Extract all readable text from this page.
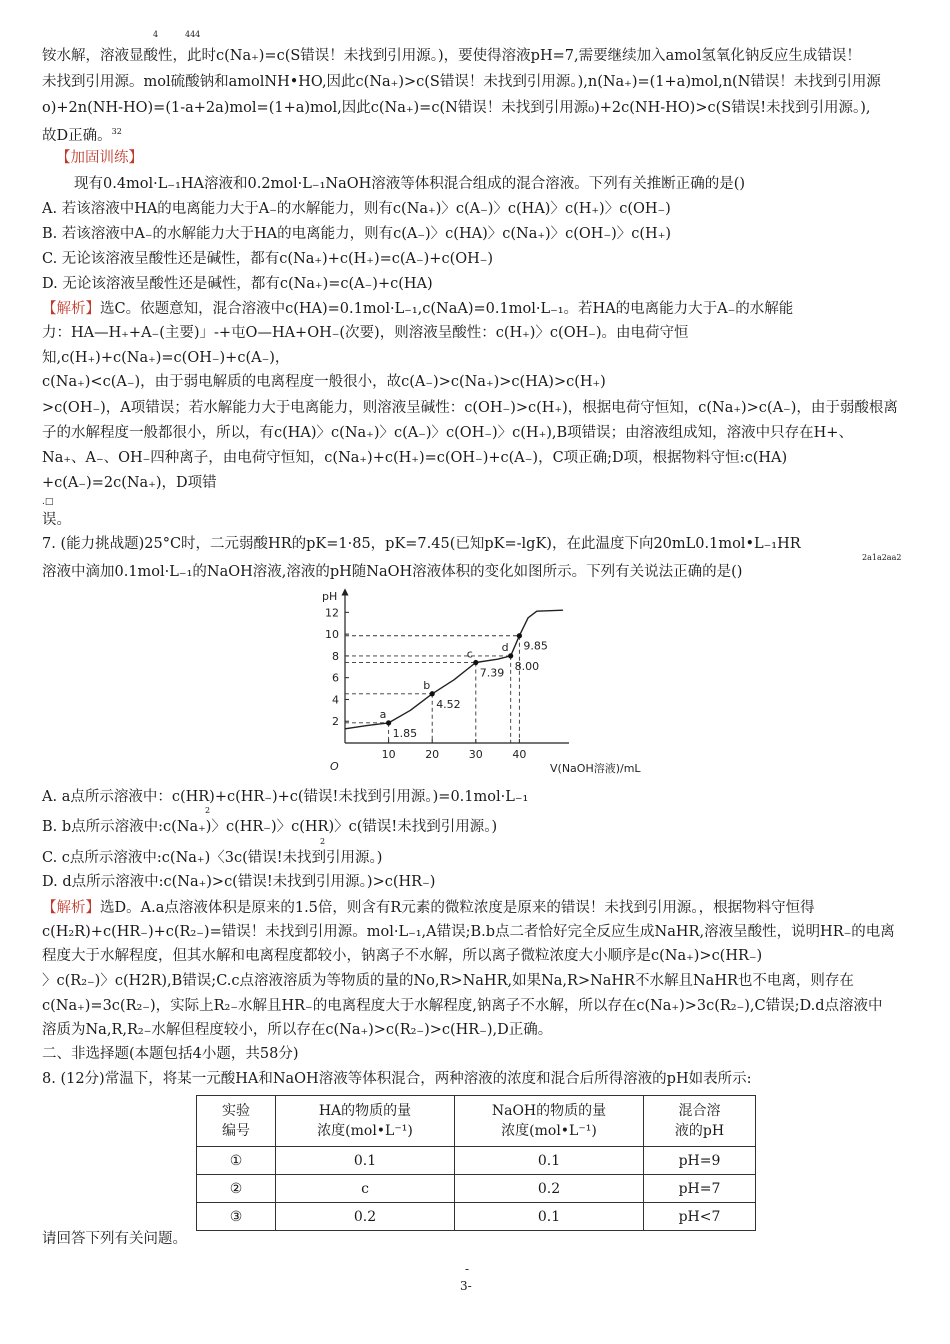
4	444
铵水解，溶液显酸性，此时c(Na₊)=c(S错误！未找到引用源。)，要使得溶液pH=7,需要继续加入amol氢氧化钠反应生成错误！
未找到引用源。mol硫酸钠和amolNH•HO,因此c(Na₊)>c(S错误！未找到引用源。),n(Na₊)=(1+a)mol,n(N错误！未找到引用源
o)+2n(NH-HO)=(1-a+2a)mol=(1+a)mol,因此c(Na₊)=c(N错误！未找到引用源₀)+2c(NH-HO)>c(S错误!未找到引用源。),
故D正确。$^{32}$
【加固训练】
现有0.4mol·L₋₁HA溶液和0.2mol·L₋₁NaOH溶液等体积混合组成的混合溶液。下列有关推断正确的是()
A. 若该溶液中HA的电离能力大于A₋的水解能力，则有c(Na₊)〉c(A₋)〉c(HA)〉c(H₊)〉c(OH₋)
B. 若该溶液中A₋的水解能力大于HA的电离能力，则有c(A₋)〉c(HA)〉c(Na₊)〉c(OH₋)〉c(H₊)
C. 无论该溶液呈酸性还是碱性，都有c(Na₊)+c(H₊)=c(A₋)+c(OH₋)
D. 无论该溶液呈酸性还是碱性，都有c(Na₊)=c(A₋)+c(HA)
【解析】选C。依题意知，混合溶液中c(HA)=0.1mol·L₋₁,c(NaA)=0.1mol·L₋₁。若HA的电离能力大于A₋的水解能
力：HA—H₊+A₋(主要)」-+屯O—HA+OH₋(次要)，则溶液呈酸性：c(H₊)〉c(OH₋)。由电荷守恒
知,c(H₊)+c(Na₊)=c(OH₋)+c(A₋)，
c(Na₊)<c(A₋)，由于弱电解质的电离程度一般很小，故c(A₋)>c(Na₊)>c(HA)>c(H₊)
>c(OH₋)，A项错误；若水解能力大于电离能力，则溶液呈碱性：c(OH₋)>c(H₊)，根据电荷守恒知，c(Na₊)>c(A₋)，由于弱酸根离
子的水解程度一般都很小，所以，有c(HA)〉c(Na₊)〉c(A₋)〉c(OH₋)〉c(H₊),B项错误；由溶液组成知，溶液中只存在H+、
Na₊、A₋、OH₋四种离子，由电荷守恒知，c(Na₊)+c(H₊)=c(OH₋)+c(A₋)，C项正确;D项，根据物料守恒:c(HA)
+c(A₋)=2c(Na₊)，D项错
.□
误。
7. (能力挑战题)25°C时，二元弱酸HR的pK=1·85，pK=7.45(已知pK=-lgK)，在此温度下向20mL0.1mol•L₋₁HR
2a1a2aa2
溶液中滴加0.1mol·L₋₁的NaOH溶液,溶液的pH随NaOH溶液体积的变化如图所示。下列有关说法正确的是()
10	20	30	40
2
4
6
8
10
12
a
1.85
b
4.52
c
7.39
d
8.00
9.85
pH
V(NaOH溶液)/mL
O
A. a点所示溶液中：c(HR)+c(HR₋)+c(错误!未找到引用源。)=0.1mol·L₋₁
2
B. b点所示溶液中:c(Na₊)〉c(HR₋)〉c(HR)〉c(错误!未找到引用源。)
2
C. c点所示溶液中:c(Na₊)〈3c(错误!未找到引用源。)
D. d点所示溶液中:c(Na₊)>c(错误!未找到引用源。)>c(HR₋)
【解析】选D。A.a点溶液体积是原来的1.5倍，则含有R元素的微粒浓度是原来的错误！未找到引用源。，根据物料守恒得
c(H₂R)+c(HR₋)+c(R₂₋)=错误！未找到引用源。mol·L₋₁,A错误;B.b点二者恰好完全反应生成NaHR,溶液呈酸性，说明HR₋的电离
程度大于水解程度，但其水解和电离程度都较小，钠离子不水解，所以离子微粒浓度大小顺序是c(Na₊)>c(HR₋)
〉c(R₂₋)〉c(H2R),B错误;C.c点溶液溶质为等物质的量的No,R>NaHR,如果Na,R>NaHR不水解且NaHR也不电离，则存在
c(Na₊)=3c(R₂₋)，实际上R₂₋水解且HR₋的电离程度大于水解程度,钠离子不水解，所以存在c(Na₊)>3c(R₂₋),C错误;D.d点溶液中
溶质为Na,R,R₂₋水解但程度较小，所以存在c(Na₊)>c(R₂₋)>c(HR₋),D正确。
二、非选择题(本题包括4小题，共58分)
8. (12分)常温下，将某一元酸HA和NaOH溶液等体积混合，两种溶液的浓度和混合后所得溶液的pH如表所示:
实验
编号	HA的物质的量
浓度(mol•L⁻¹)	NaOH的物质的量
浓度(mol•L⁻¹)	混合溶
液的pH
①	0.1	0.1	pH=9
②	c	0.2	pH=7
③	0.2	0.1	pH<7
请回答下列有关问题。
-
3-
